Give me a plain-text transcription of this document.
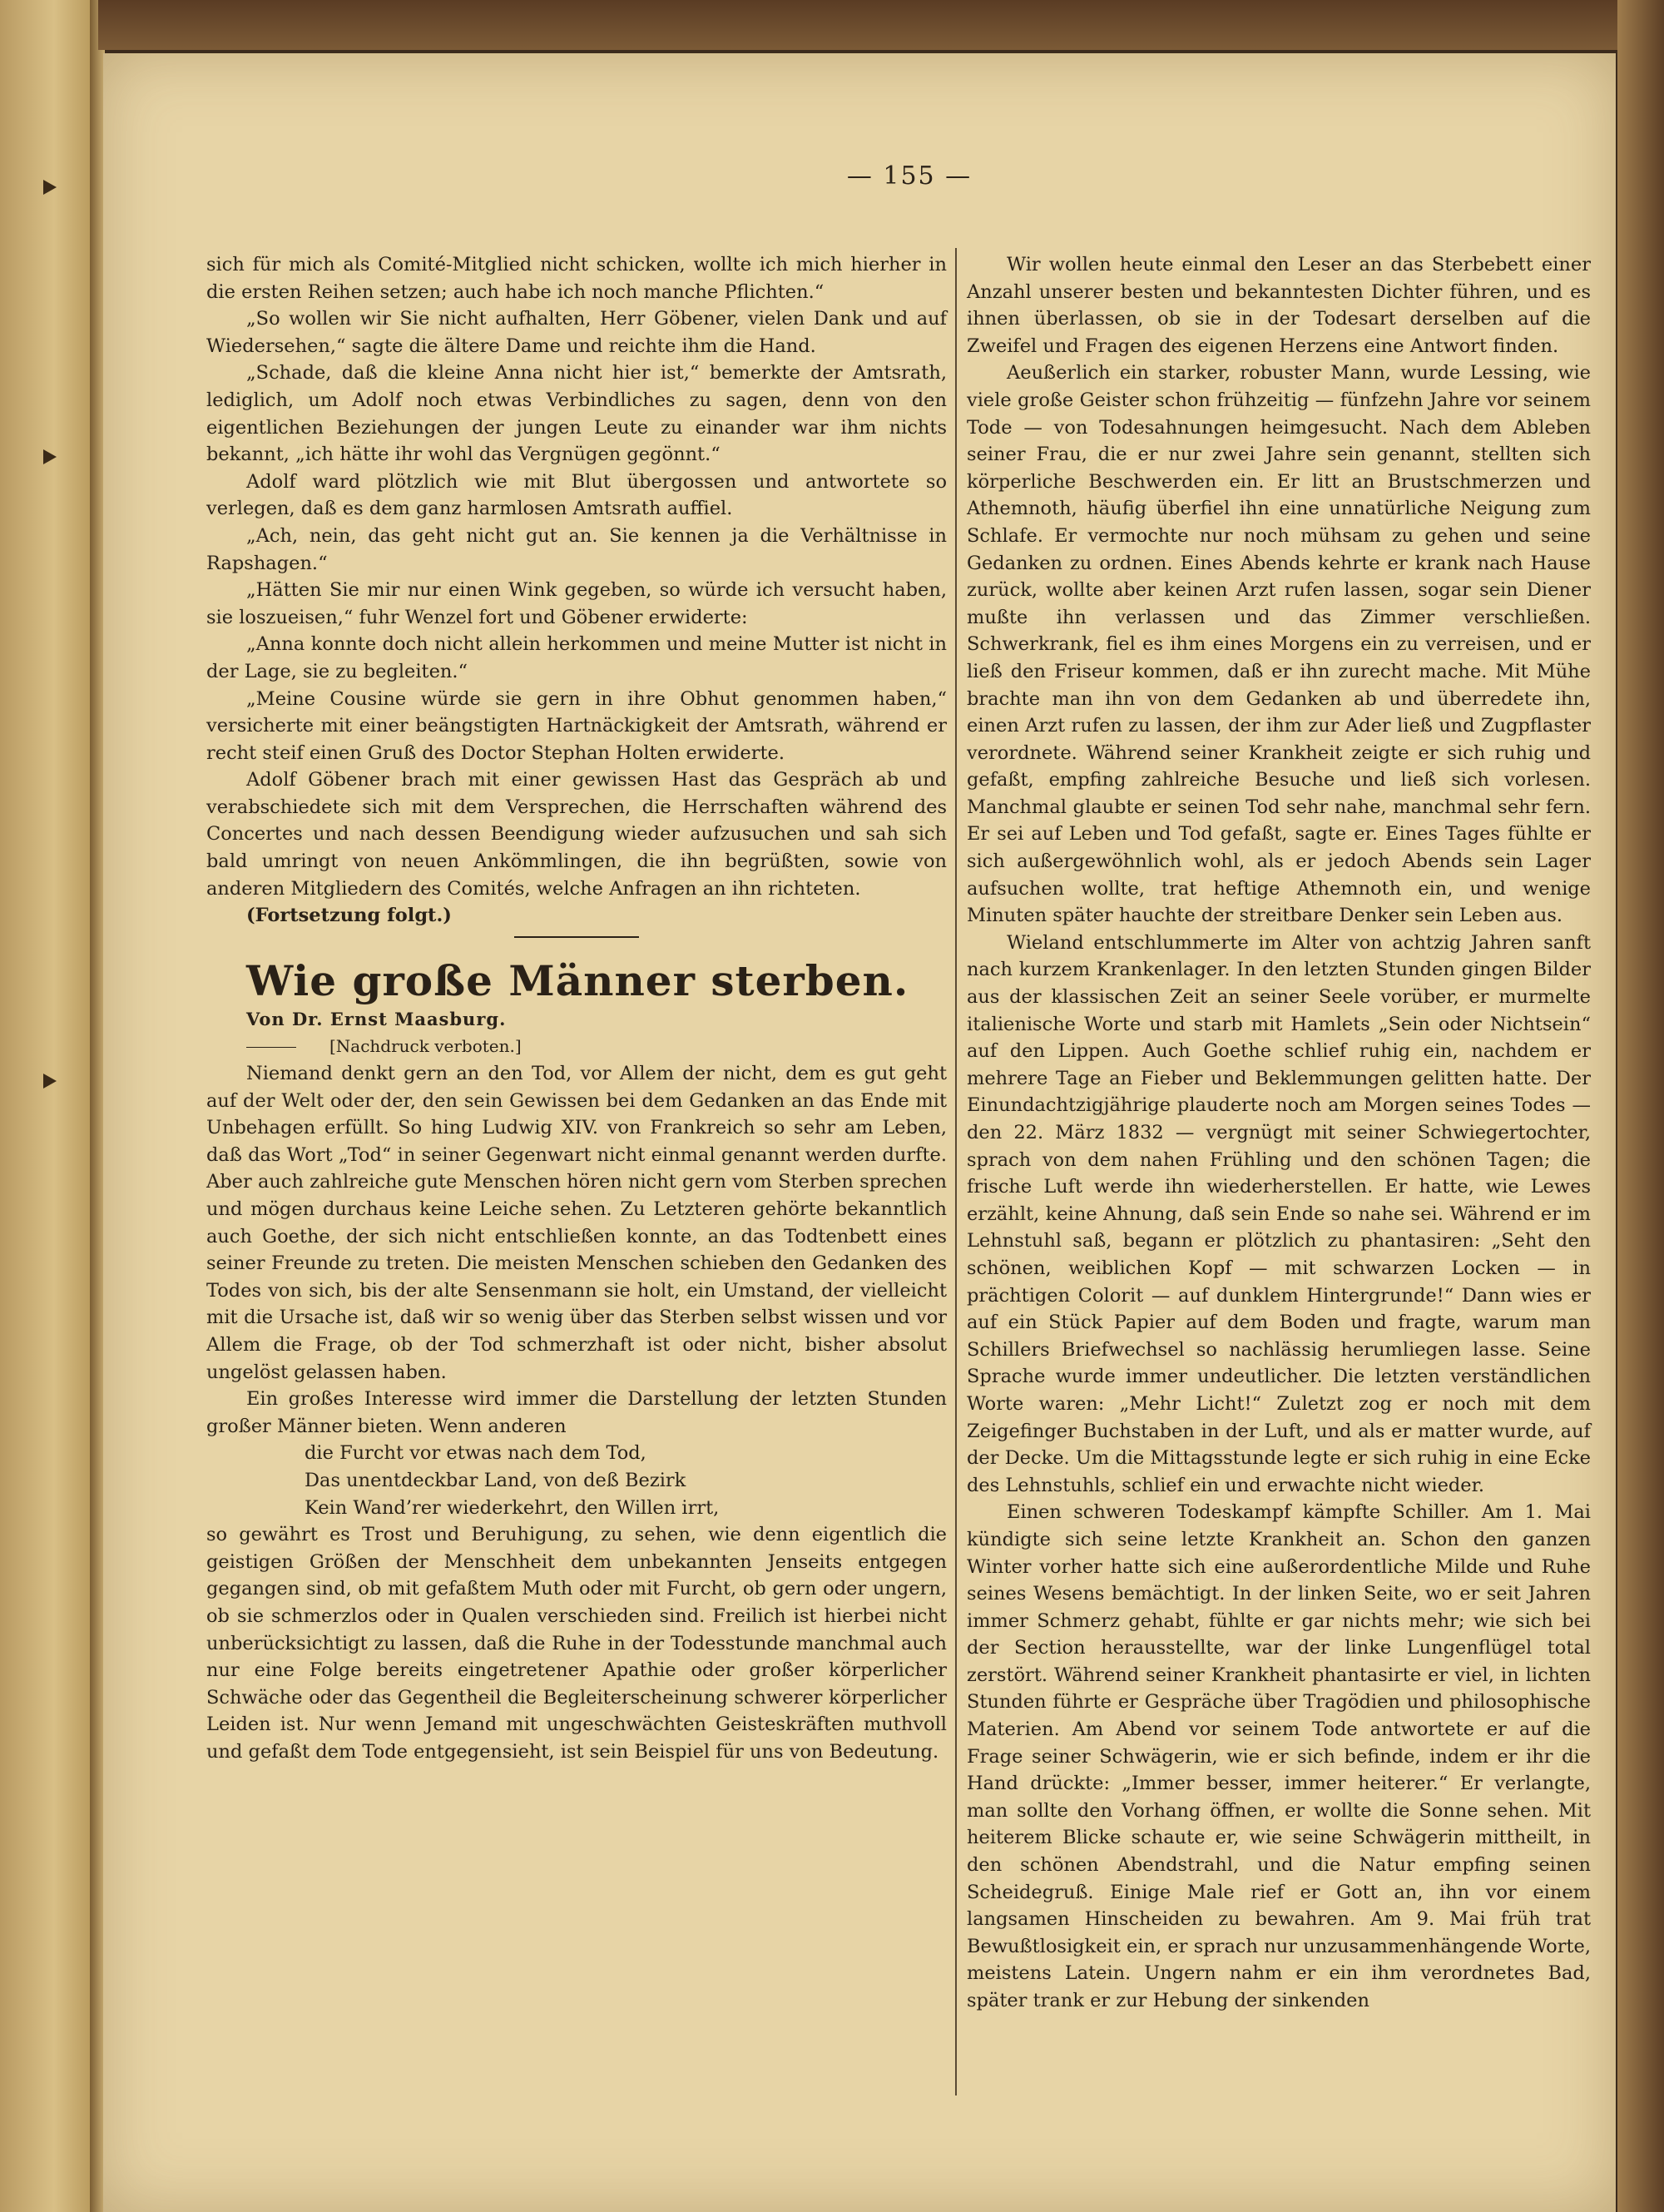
— 155 —

sich für mich als Comité-Mitglied nicht schicken, wollte ich mich hierher in die ersten Reihen setzen; auch habe ich noch manche Pflichten.“

„So wollen wir Sie nicht aufhalten, Herr Göbener, vielen Dank und auf Wiedersehen,“ sagte die ältere Dame und reichte ihm die Hand.

„Schade, daß die kleine Anna nicht hier ist,“ bemerkte der Amtsrath, lediglich, um Adolf noch etwas Verbindliches zu sagen, denn von den eigentlichen Beziehungen der jungen Leute zu einander war ihm nichts bekannt, „ich hätte ihr wohl das Vergnügen gegönnt.“

Adolf ward plötzlich wie mit Blut übergossen und antwortete so verlegen, daß es dem ganz harmlosen Amtsrath auffiel.

„Ach, nein, das geht nicht gut an. Sie kennen ja die Verhältnisse in Rapshagen.“

„Hätten Sie mir nur einen Wink gegeben, so würde ich versucht haben, sie loszueisen,“ fuhr Wenzel fort und Göbener erwiderte:

„Anna konnte doch nicht allein herkommen und meine Mutter ist nicht in der Lage, sie zu begleiten.“

„Meine Cousine würde sie gern in ihre Obhut genommen haben,“ versicherte mit einer beängstigten Hartnäckigkeit der Amtsrath, während er recht steif einen Gruß des Doctor Stephan Holten erwiderte.

Adolf Göbener brach mit einer gewissen Hast das Gespräch ab und verabschiedete sich mit dem Versprechen, die Herrschaften während des Concertes und nach dessen Beendigung wieder aufzusuchen und sah sich bald umringt von neuen Ankömmlingen, die ihn begrüßten, sowie von anderen Mitgliedern des Comités, welche Anfragen an ihn richteten.

(Fortsetzung folgt.)

Wie große Männer sterben.

Von Dr. Ernst Maasburg.

[Nachdruck verboten.]

Niemand denkt gern an den Tod, vor Allem der nicht, dem es gut geht auf der Welt oder der, den sein Gewissen bei dem Gedanken an das Ende mit Unbehagen erfüllt. So hing Ludwig XIV. von Frankreich so sehr am Leben, daß das Wort „Tod“ in seiner Gegenwart nicht einmal genannt werden durfte. Aber auch zahlreiche gute Menschen hören nicht gern vom Sterben sprechen und mögen durchaus keine Leiche sehen. Zu Letzteren gehörte bekanntlich auch Goethe, der sich nicht entschließen konnte, an das Todtenbett eines seiner Freunde zu treten. Die meisten Menschen schieben den Gedanken des Todes von sich, bis der alte Sensenmann sie holt, ein Umstand, der vielleicht mit die Ursache ist, daß wir so wenig über das Sterben selbst wissen und vor Allem die Frage, ob der Tod schmerzhaft ist oder nicht, bisher absolut ungelöst gelassen haben.

Ein großes Interesse wird immer die Darstellung der letzten Stunden großer Männer bieten. Wenn anderen

die Furcht vor etwas nach dem Tod,

Das unentdeckbar Land, von deß Bezirk

Kein Wand’rer wiederkehrt, den Willen irrt,

so gewährt es Trost und Beruhigung, zu sehen, wie denn eigentlich die geistigen Größen der Menschheit dem unbekannten Jenseits entgegen gegangen sind, ob mit gefaßtem Muth oder mit Furcht, ob gern oder ungern, ob sie schmerzlos oder in Qualen verschieden sind. Freilich ist hierbei nicht unberücksichtigt zu lassen, daß die Ruhe in der Todesstunde manchmal auch nur eine Folge bereits eingetretener Apathie oder großer körperlicher Schwäche oder das Gegentheil die Begleiterscheinung schwerer körperlicher Leiden ist. Nur wenn Jemand mit ungeschwächten Geisteskräften muthvoll und gefaßt dem Tode entgegensieht, ist sein Beispiel für uns von Bedeutung.

Wir wollen heute einmal den Leser an das Sterbebett einer Anzahl unserer besten und bekanntesten Dichter führen, und es ihnen überlassen, ob sie in der Todesart derselben auf die Zweifel und Fragen des eigenen Herzens eine Antwort finden.

Aeußerlich ein starker, robuster Mann, wurde Lessing, wie viele große Geister schon frühzeitig — fünfzehn Jahre vor seinem Tode — von Todesahnungen heimgesucht. Nach dem Ableben seiner Frau, die er nur zwei Jahre sein genannt, stellten sich körperliche Beschwerden ein. Er litt an Brustschmerzen und Athemnoth, häufig überfiel ihn eine unnatürliche Neigung zum Schlafe. Er vermochte nur noch mühsam zu gehen und seine Gedanken zu ordnen. Eines Abends kehrte er krank nach Hause zurück, wollte aber keinen Arzt rufen lassen, sogar sein Diener mußte ihn verlassen und das Zimmer verschließen. Schwerkrank, fiel es ihm eines Morgens ein zu verreisen, und er ließ den Friseur kommen, daß er ihn zurecht mache. Mit Mühe brachte man ihn von dem Gedanken ab und überredete ihn, einen Arzt rufen zu lassen, der ihm zur Ader ließ und Zugpflaster verordnete. Während seiner Krankheit zeigte er sich ruhig und gefaßt, empfing zahlreiche Besuche und ließ sich vorlesen. Manchmal glaubte er seinen Tod sehr nahe, manchmal sehr fern. Er sei auf Leben und Tod gefaßt, sagte er. Eines Tages fühlte er sich außergewöhnlich wohl, als er jedoch Abends sein Lager aufsuchen wollte, trat heftige Athemnoth ein, und wenige Minuten später hauchte der streitbare Denker sein Leben aus.

Wieland entschlummerte im Alter von achtzig Jahren sanft nach kurzem Krankenlager. In den letzten Stunden gingen Bilder aus der klassischen Zeit an seiner Seele vorüber, er murmelte italienische Worte und starb mit Hamlets „Sein oder Nichtsein“ auf den Lippen. Auch Goethe schlief ruhig ein, nachdem er mehrere Tage an Fieber und Beklemmungen gelitten hatte. Der Einundachtzigjährige plauderte noch am Morgen seines Todes — den 22. März 1832 — vergnügt mit seiner Schwiegertochter, sprach von dem nahen Frühling und den schönen Tagen; die frische Luft werde ihn wiederherstellen. Er hatte, wie Lewes erzählt, keine Ahnung, daß sein Ende so nahe sei. Während er im Lehnstuhl saß, begann er plötzlich zu phantasiren: „Seht den schönen, weiblichen Kopf — mit schwarzen Locken — in prächtigen Colorit — auf dunklem Hintergrunde!“ Dann wies er auf ein Stück Papier auf dem Boden und fragte, warum man Schillers Briefwechsel so nachlässig herumliegen lasse. Seine Sprache wurde immer undeutlicher. Die letzten verständlichen Worte waren: „Mehr Licht!“ Zuletzt zog er noch mit dem Zeigefinger Buchstaben in der Luft, und als er matter wurde, auf der Decke. Um die Mittagsstunde legte er sich ruhig in eine Ecke des Lehnstuhls, schlief ein und erwachte nicht wieder.

Einen schweren Todeskampf kämpfte Schiller. Am 1. Mai kündigte sich seine letzte Krankheit an. Schon den ganzen Winter vorher hatte sich eine außerordentliche Milde und Ruhe seines Wesens bemächtigt. In der linken Seite, wo er seit Jahren immer Schmerz gehabt, fühlte er gar nichts mehr; wie sich bei der Section herausstellte, war der linke Lungenflügel total zerstört. Während seiner Krankheit phantasirte er viel, in lichten Stunden führte er Gespräche über Tragödien und philosophische Materien. Am Abend vor seinem Tode antwortete er auf die Frage seiner Schwägerin, wie er sich befinde, indem er ihr die Hand drückte: „Immer besser, immer heiterer.“ Er verlangte, man sollte den Vorhang öffnen, er wollte die Sonne sehen. Mit heiterem Blicke schaute er, wie seine Schwägerin mittheilt, in den schönen Abendstrahl, und die Natur empfing seinen Scheidegruß. Einige Male rief er Gott an, ihn vor einem langsamen Hinscheiden zu bewahren. Am 9. Mai früh trat Bewußtlosigkeit ein, er sprach nur unzusammenhängende Worte, meistens Latein. Ungern nahm er ein ihm verordnetes Bad, später trank er zur Hebung der sinkenden
